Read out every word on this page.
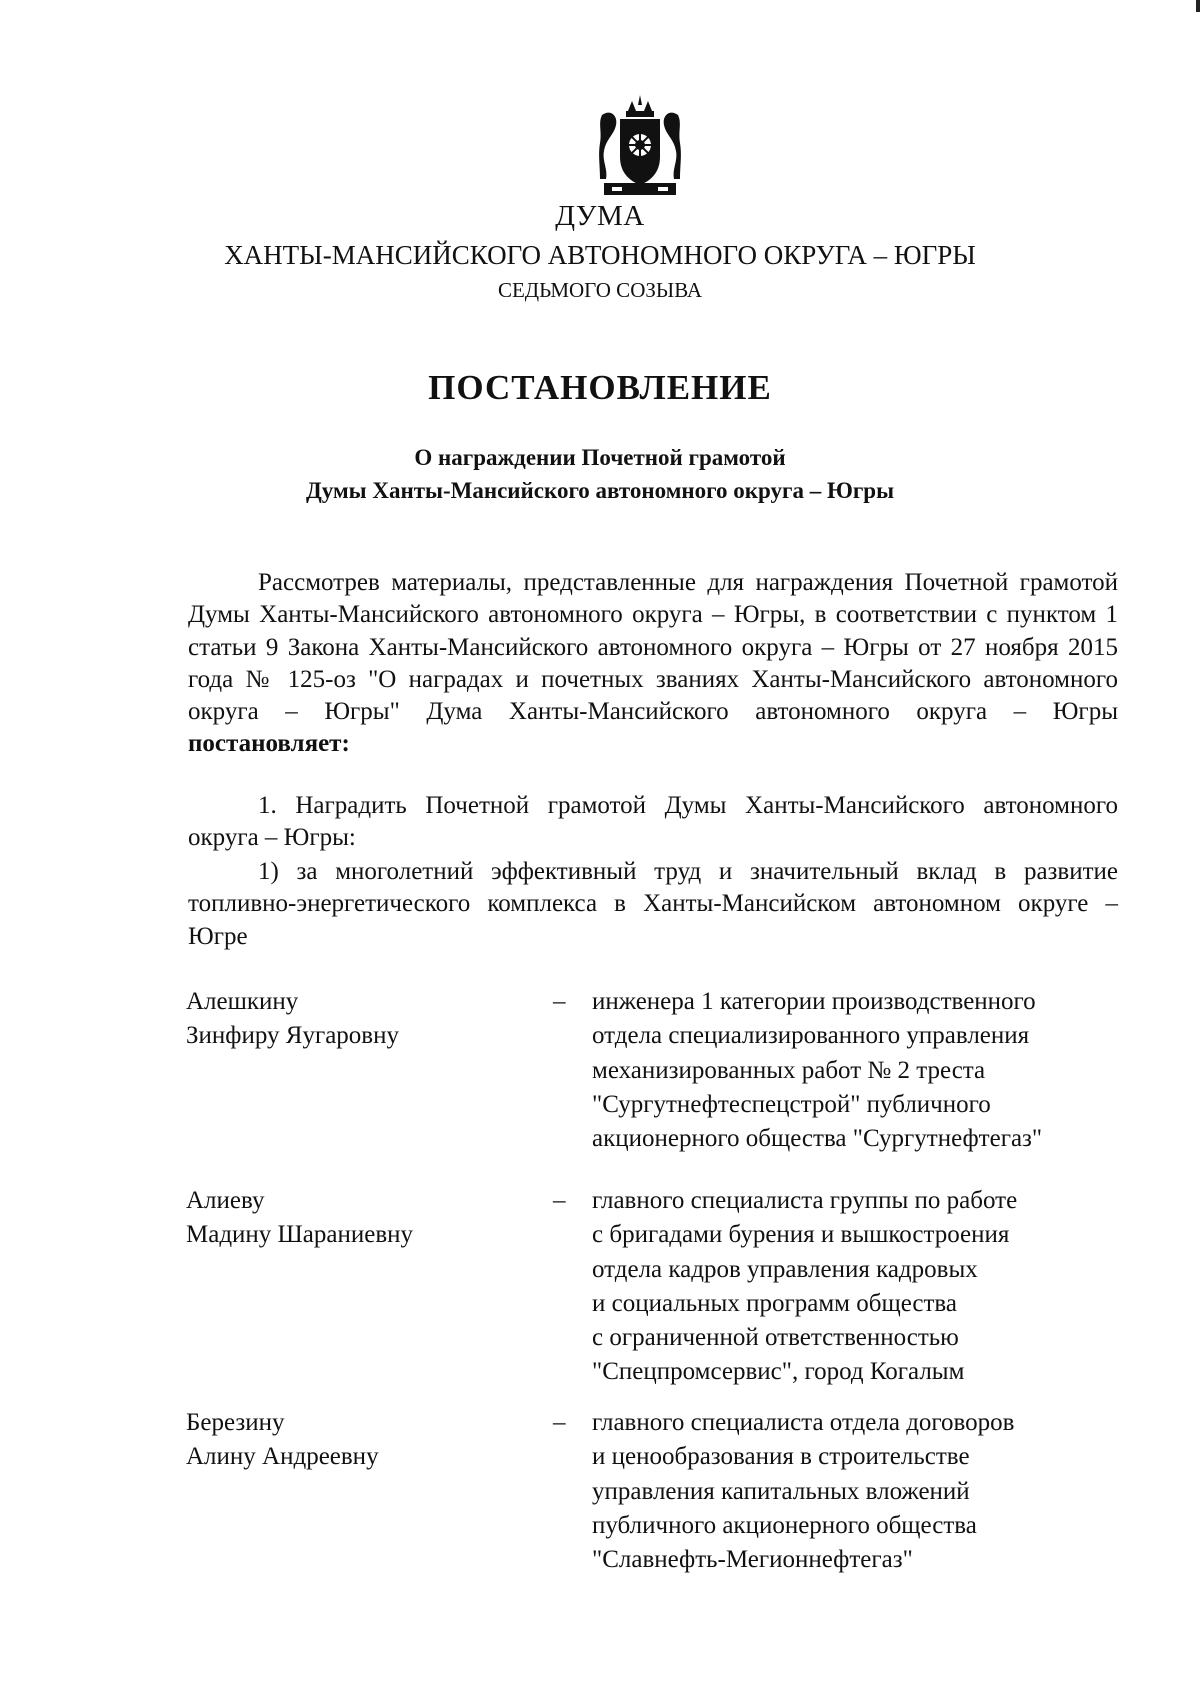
ДУМА
ХАНТЫ-МАНСИЙСКОГО АВТОНОМНОГО ОКРУГА – ЮГРЫ
СЕДЬМОГО СОЗЫВА
ПОСТАНОВЛЕНИЕ
О награждении Почетной грамотой
Думы Ханты-Мансийского автономного округа – Югры
Рассмотрев материалы, представленные для награждения Почетной грамотой Думы Ханты-Мансийского автономного округа – Югры, в соответствии с пунктом 1 статьи 9 Закона Ханты-Мансийского автономного округа – Югры от 27 ноября 2015 года № 125-оз "О наградах и почетных званиях Ханты-Мансийского автономного округа – Югры" Дума Ханты-Мансийского автономного округа – Югры постановляет:
1. Наградить Почетной грамотой Думы Ханты-Мансийского автономного округа – Югры:
1) за многолетний эффективный труд и значительный вклад в развитие топливно-энергетического комплекса в Ханты-Мансийском автономном округе – Югре
Алешкину
Зинфиру Яугаровну
– инженера 1 категории производственного
отдела специализированного управления
механизированных работ № 2 треста
"Сургутнефтеспецстрой" публичного
акционерного общества "Сургутнефтегаз"
Алиеву
Мадину Шараниевну
– главного специалиста группы по работе
с бригадами бурения и вышкостроения
отдела кадров управления кадровых
и социальных программ общества
с ограниченной ответственностью
"Спецпромсервис", город Когалым
Березину
Алину Андреевну
– главного специалиста отдела договоров
и ценообразования в строительстве
управления капитальных вложений
публичного акционерного общества
"Славнефть-Мегионнефтегаз"
